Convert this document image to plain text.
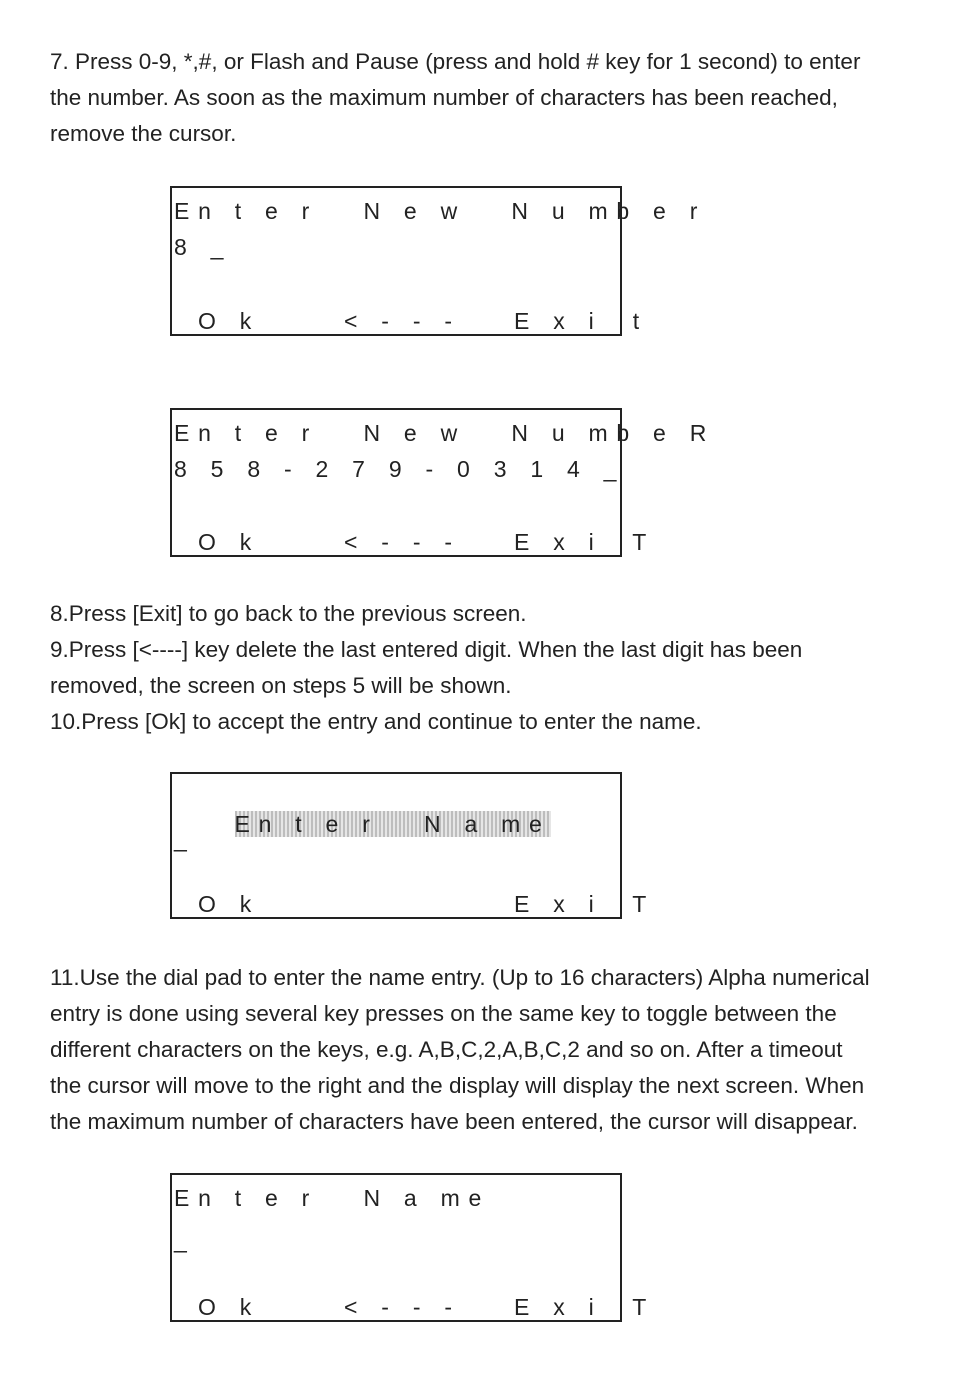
7. Press 0-9, *,#, or Flash and Pause (press and hold # key for 1 second) to enter

the number. As soon as the maximum number of characters has been reached,

remove the cursor.

En t e r   N e w   N u mb e r
8 _
O k	< - - - E x i  t
En t e r   N e w   N u mb e R
8 5 8 - 2 7 9 - 0 3 1 4 _
O k	< - - - E x i  T

8.Press [Exit] to go back to the previous screen.

9.Press [<----] key delete the last entered digit. When the last digit has been

removed, the screen on steps 5 will be shown.

10.Press [Ok] to accept the entry and continue to enter the name.

En t e r   N a me

_
O k	E x i  T

11.Use the dial pad to enter the name entry. (Up to 16 characters) Alpha numerical

entry is done using several key presses on the same key to toggle between the

different characters on the keys, e.g. A,B,C,2,A,B,C,2 and so on. After a timeout

the cursor will move to the right and the display will display the next screen. When

the maximum number of characters have been entered, the cursor will disappear.

En t e r   N a me
_
O k	< - - - E x i  T
